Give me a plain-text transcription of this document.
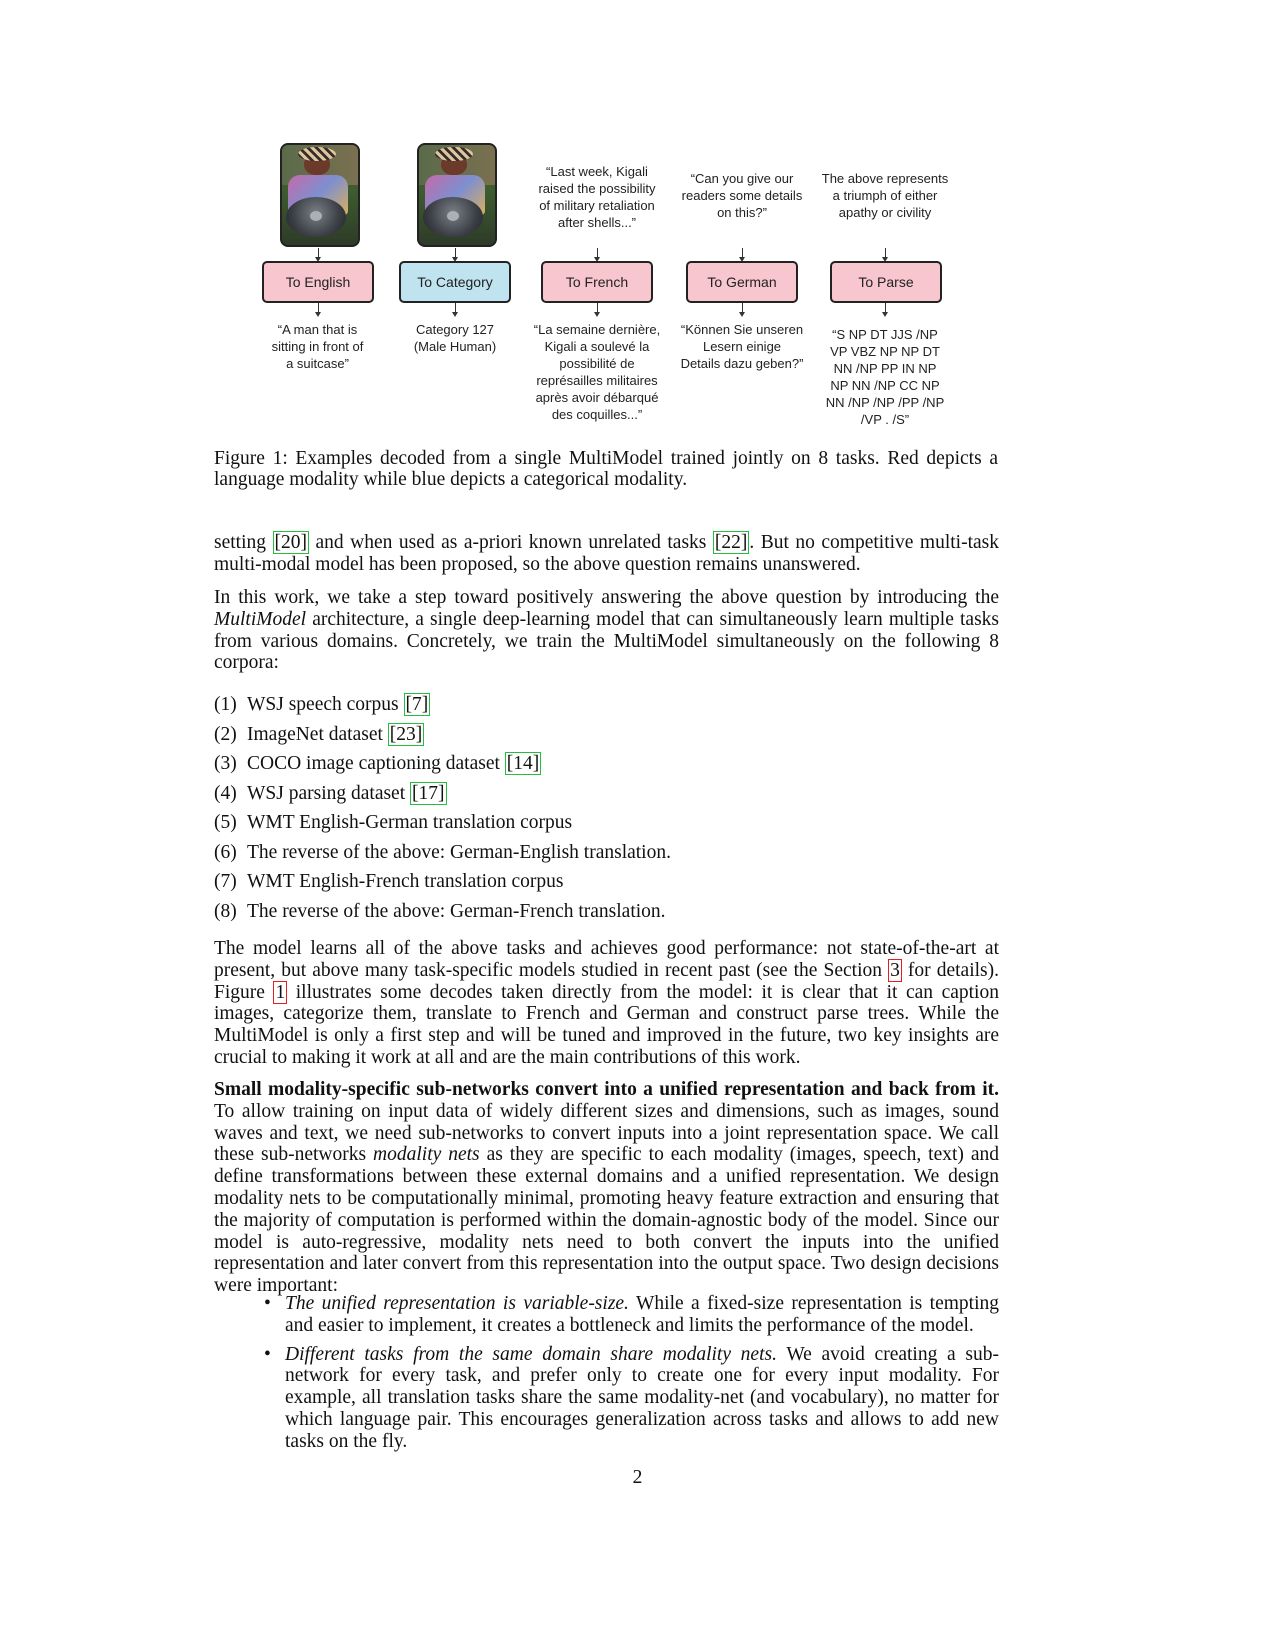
To English
“A man that is
sitting in front of
a suitcase”
To Category
Category 127
(Male Human)
“Last week, Kigali
raised the possibility
of military retaliation
after shells...”
To French
“La semaine dernière,
Kigali a soulevé la
possibilité de
représailles militaires
après avoir débarqué
des coquilles...”
“Can you give our
readers some details
on this?”
To German
“Können Sie unseren
Lesern einige
Details dazu geben?”
The above represents
a triumph of either
apathy or civility
To Parse
“S NP DT JJS /NP
VP VBZ NP NP DT
NN /NP PP IN NP
NP NN /NP CC NP
NN /NP /NP /PP /NP
/VP . /S”
Figure 1: Examples decoded from a single MultiModel trained jointly on 8 tasks. Red depicts a language modality while blue depicts a categorical modality.
setting [20] and when used as a-priori known unrelated tasks [22] . But no competitive multi-task multi-modal model has been proposed, so the above question remains unanswered.
In this work, we take a step toward positively answering the above question by introducing the MultiModel architecture, a single deep-learning model that can simultaneously learn multiple tasks from various domains. Concretely, we train the MultiModel simultaneously on the following 8 corpora:
(1) WSJ speech corpus [7]
(2) ImageNet dataset [23]
(3) COCO image captioning dataset [14]
(4) WSJ parsing dataset [17]
(5) WMT English-German translation corpus
(6) The reverse of the above: German-English translation.
(7) WMT English-French translation corpus
(8) The reverse of the above: German-French translation.
The model learns all of the above tasks and achieves good performance: not state-of-the-art at present, but above many task-specific models studied in recent past (see the Section 3 for details). Figure 1 illustrates some decodes taken directly from the model: it is clear that it can caption images, categorize them, translate to French and German and construct parse trees. While the MultiModel is only a first step and will be tuned and improved in the future, two key insights are crucial to making it work at all and are the main contributions of this work.
Small modality-specific sub-networks convert into a unified representation and back from it. To allow training on input data of widely different sizes and dimensions, such as images, sound waves and text, we need sub-networks to convert inputs into a joint representation space. We call these sub-networks modality nets as they are specific to each modality (images, speech, text) and define transformations between these external domains and a unified representation. We design modality nets to be computationally minimal, promoting heavy feature extraction and ensuring that the majority of computation is performed within the domain-agnostic body of the model. Since our model is auto-regressive, modality nets need to both convert the inputs into the unified representation and later convert from this representation into the output space. Two design decisions were important:
• The unified representation is variable-size. While a fixed-size representation is tempting and easier to implement, it creates a bottleneck and limits the performance of the model.
• Different tasks from the same domain share modality nets. We avoid creating a sub-network for every task, and prefer only to create one for every input modality. For example, all translation tasks share the same modality-net (and vocabulary), no matter for which language pair. This encourages generalization across tasks and allows to add new tasks on the fly.
2
